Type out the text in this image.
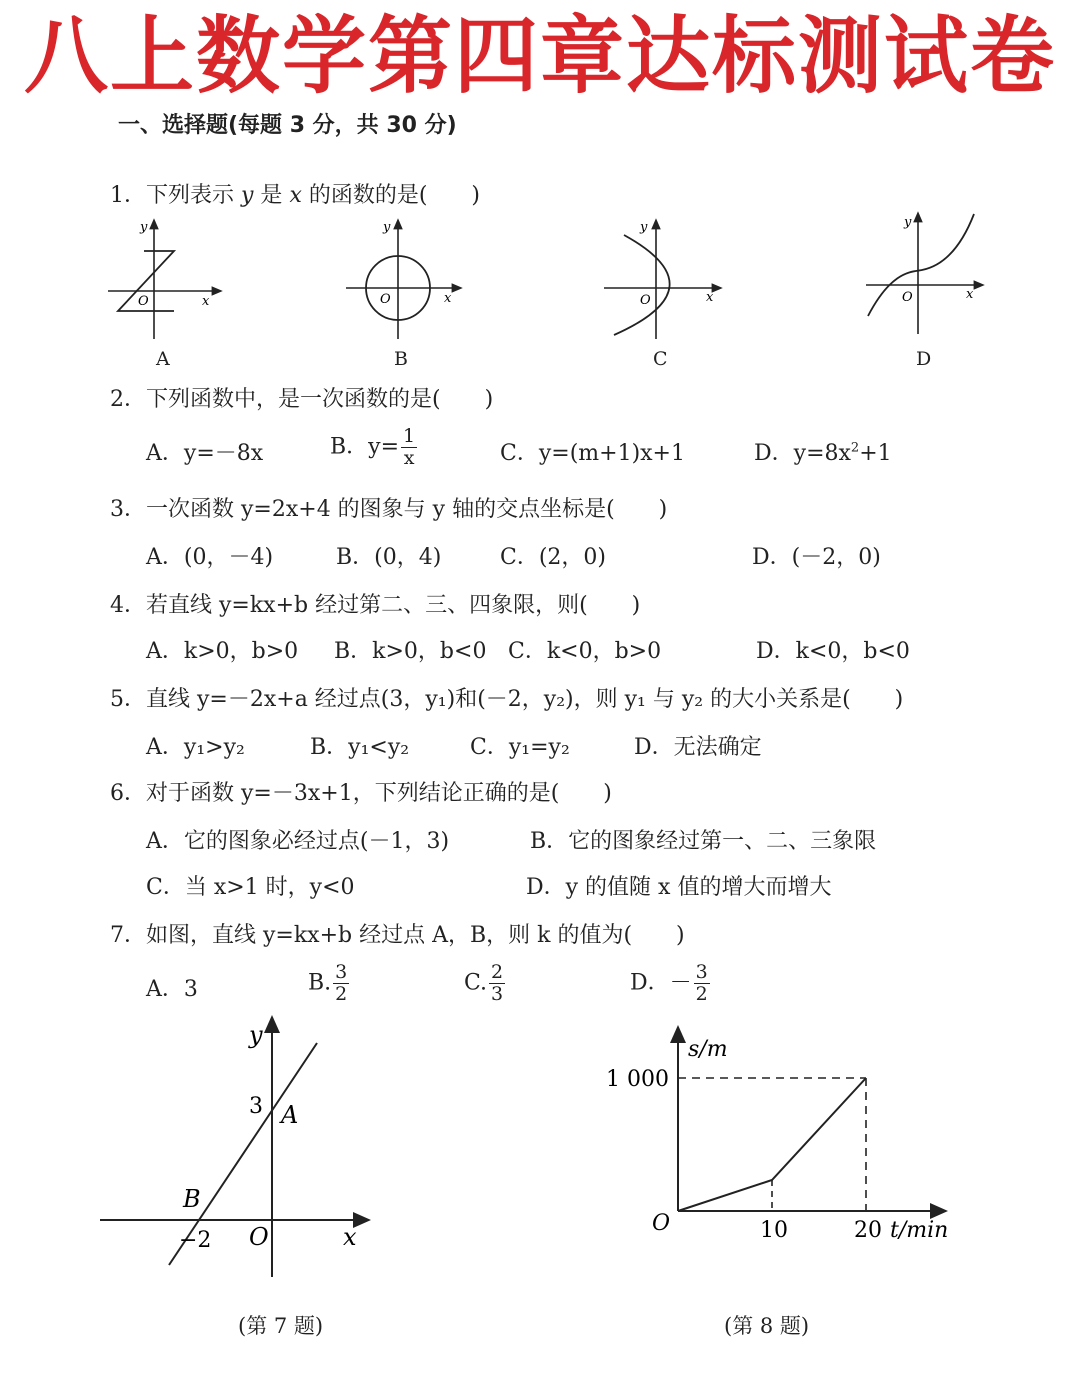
八上数学第四章达标测试卷
一、选择题(每题 3 分，共 30 分)
1．下列表示 y 是 x 的函数的是(　　)
O	x
y
A
O	x
y
B
O	x
y
C
O	x
y
D
2．下列函数中，是一次函数的是(　　)
A．y=－8x	B．$y= \frac{1}{x}$	C．y=(m+1)x+1	D．$y=8x^2+1$
3．一次函数 y=2x+4 的图象与 y 轴的交点坐标是(　　)
A．(0，－4)	B．(0，4)	C．(2，0)	D．(－2，0)
4．若直线 y=kx+b 经过第二、三、四象限，则(　　)
A．k>0，b>0 B．k>0，b<0 C．k<0，b>0	D．k<0，b<0
5．直线 y=－2x+a 经过点(3，y₁)和(－2，y₂)，则 y₁ 与 y₂ 的大小关系是(　　)
A．y₁>y₂	B．y₁<y₂	C．y₁=y₂	D．无法确定
6．对于函数 y=－3x+1，下列结论正确的是(　　)
A．它的图象必经过点(－1，3)	B．它的图象经过第一、二、三象限
C．当 x>1 时，y<0	D．y 的值随 x 值的增大而增大
7．如图，直线 y=kx+b 经过点 A，B，则 k 的值为(　　)
A．3	B. $\frac{3}{2}$	C. $\frac{2}{3}$	D．－ $\frac{3}{2}$
y
x
O
3
−2
A
B
(第 7 题)
s/m
t/min
O
1 000
10	20
(第 8 题)
